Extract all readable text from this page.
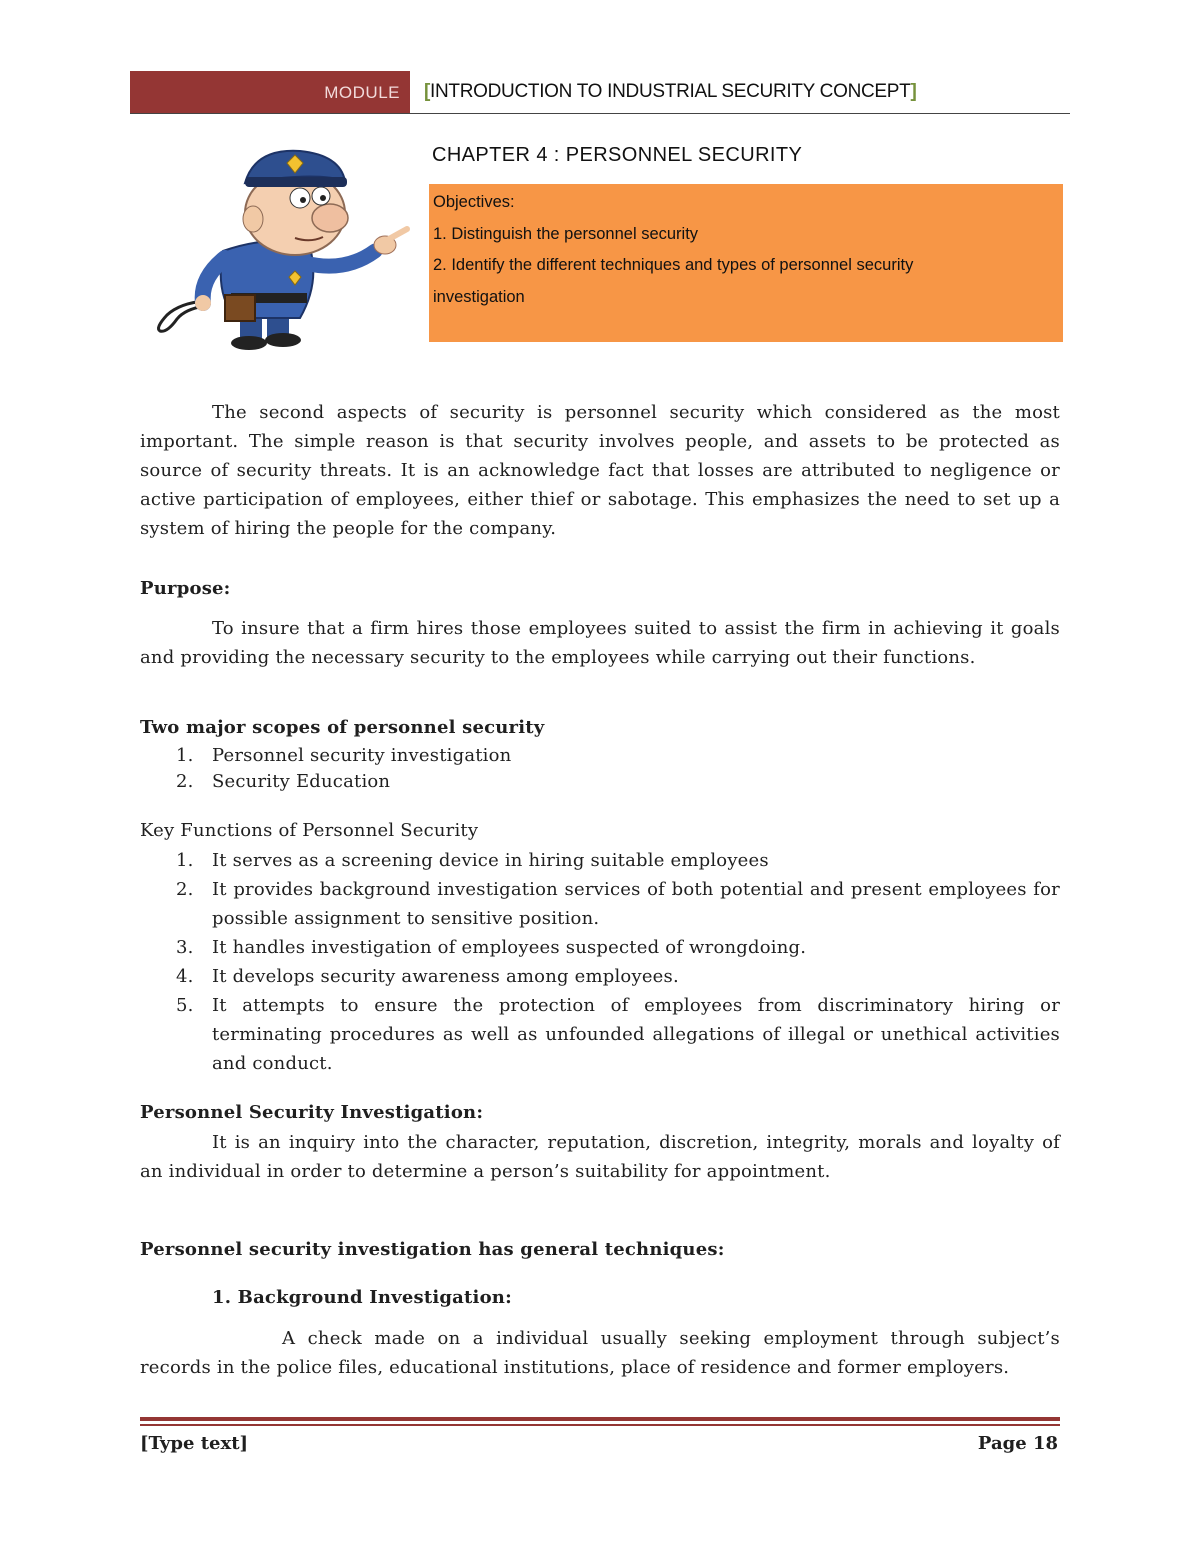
MODULE	[INTRODUCTION TO INDUSTRIAL SECURITY CONCEPT]
CHAPTER 4 : PERSONNEL SECURITY
Objectives:
1. Distinguish the personnel security
2. Identify the different techniques and types of personnel security
investigation

The second aspects of security is personnel security which considered as the most important. The simple reason is that security involves people, and assets to be protected as source of security threats. It is an acknowledge fact that losses are attributed to negligence or active participation of employees, either thief or sabotage. This emphasizes the need to set up a system of hiring the people for the company.

Purpose:

To insure that a firm hires those employees suited to assist the firm in achieving it goals and providing the necessary security to the employees while carrying out their functions.

Two major scopes of personnel security

1. Personnel security investigation
2. Security Education

Key Functions of Personnel Security

1. It serves as a screening device in hiring suitable employees
2. It provides background investigation services of both potential and present employees for possible assignment to sensitive position.
3. It handles investigation of employees suspected of wrongdoing.
4. It develops security awareness among employees.
5. It attempts to ensure the protection of employees from discriminatory hiring or terminating procedures as well as unfounded allegations of illegal or unethical activities and conduct.

Personnel Security Investigation:

It is an inquiry into the character, reputation, discretion, integrity, morals and loyalty of an individual in order to determine a person’s suitability for appointment.

Personnel security investigation has general techniques:

1. Background Investigation:

A check made on a individual usually seeking employment through subject’s records in the police files, educational institutions, place of residence and former employers.

[Type text]	Page 18
